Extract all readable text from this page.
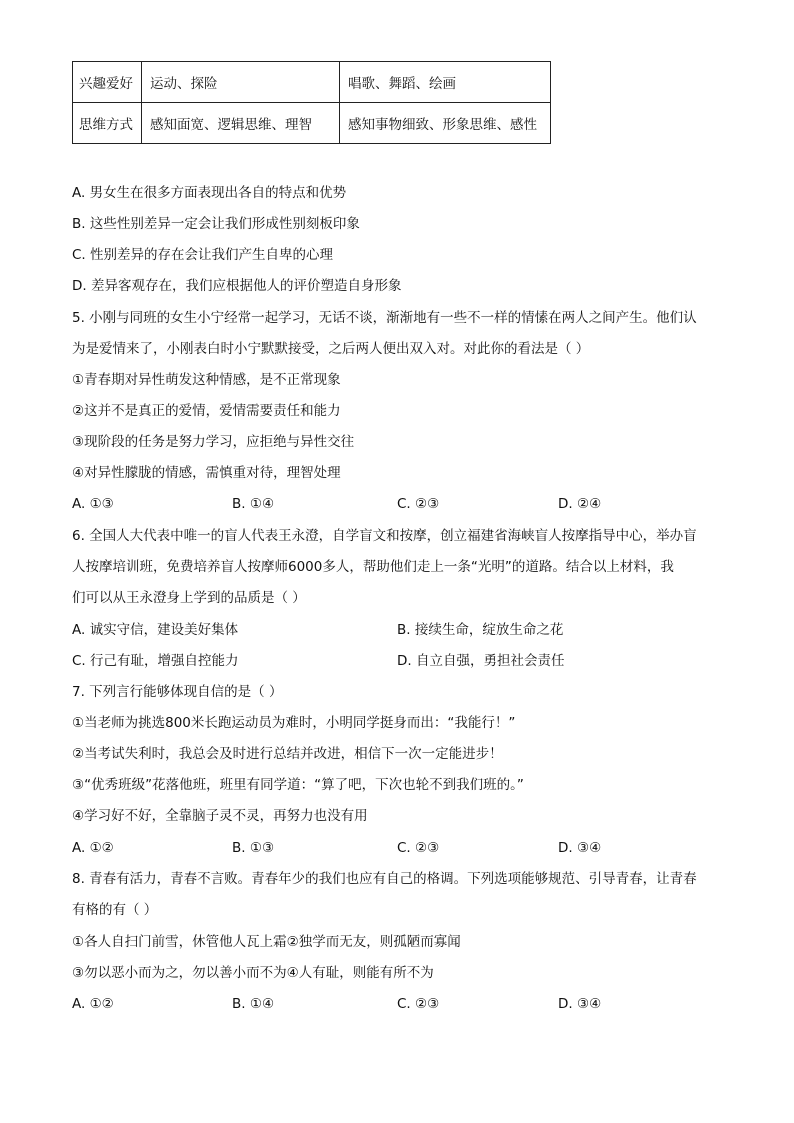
兴趣爱好	运动、探险	唱歌、舞蹈、绘画
思维方式	感知面宽、逻辑思维、理智	感知事物细致、形象思维、感性
A. 男女生在很多方面表现出各自的特点和优势
B. 这些性别差异一定会让我们形成性别刻板印象
C. 性别差异的存在会让我们产生自卑的心理
D. 差异客观存在，我们应根据他人的评价塑造自身形象
5. 小刚与同班的女生小宁经常一起学习，无话不谈，渐渐地有一些不一样的情愫在两人之间产生。他们认
为是爱情来了，小刚表白时小宁默默接受，之后两人便出双入对。对此你的看法是（ ）
①青春期对异性萌发这种情感，是不正常现象
②这并不是真正的爱情，爱情需要责任和能力
③现阶段的任务是努力学习，应拒绝与异性交往
④对异性朦胧的情感，需慎重对待，理智处理
A. ①③	B. ①④	C. ②③	D. ②④
6. 全国人大代表中唯一的盲人代表王永澄，自学盲文和按摩，创立福建省海峡盲人按摩指导中心，举办盲
人按摩培训班，免费培养盲人按摩师6000多人，帮助他们走上一条“光明”的道路。结合以上材料，我
们可以从王永澄身上学到的品质是（ ）
A. 诚实守信，建设美好集体	B. 接续生命，绽放生命之花
C. 行己有耻，增强自控能力	D. 自立自强，勇担社会责任
7. 下列言行能够体现自信的是（ ）
①当老师为挑选800米长跑运动员为难时，小明同学挺身而出：“我能行！”
②当考试失利时，我总会及时进行总结并改进，相信下一次一定能进步！
③“优秀班级”花落他班，班里有同学道：“算了吧，下次也轮不到我们班的。”
④学习好不好，全靠脑子灵不灵，再努力也没有用
A. ①②	B. ①③	C. ②③	D. ③④
8. 青春有活力，青春不言败。青春年少的我们也应有自己的格调。下列选项能够规范、引导青春，让青春
有格的有（ ）
①各人自扫门前雪，休管他人瓦上霜②独学而无友，则孤陋而寡闻
③勿以恶小而为之，勿以善小而不为④人有耻，则能有所不为
A. ①②	B. ①④	C. ②③	D. ③④
